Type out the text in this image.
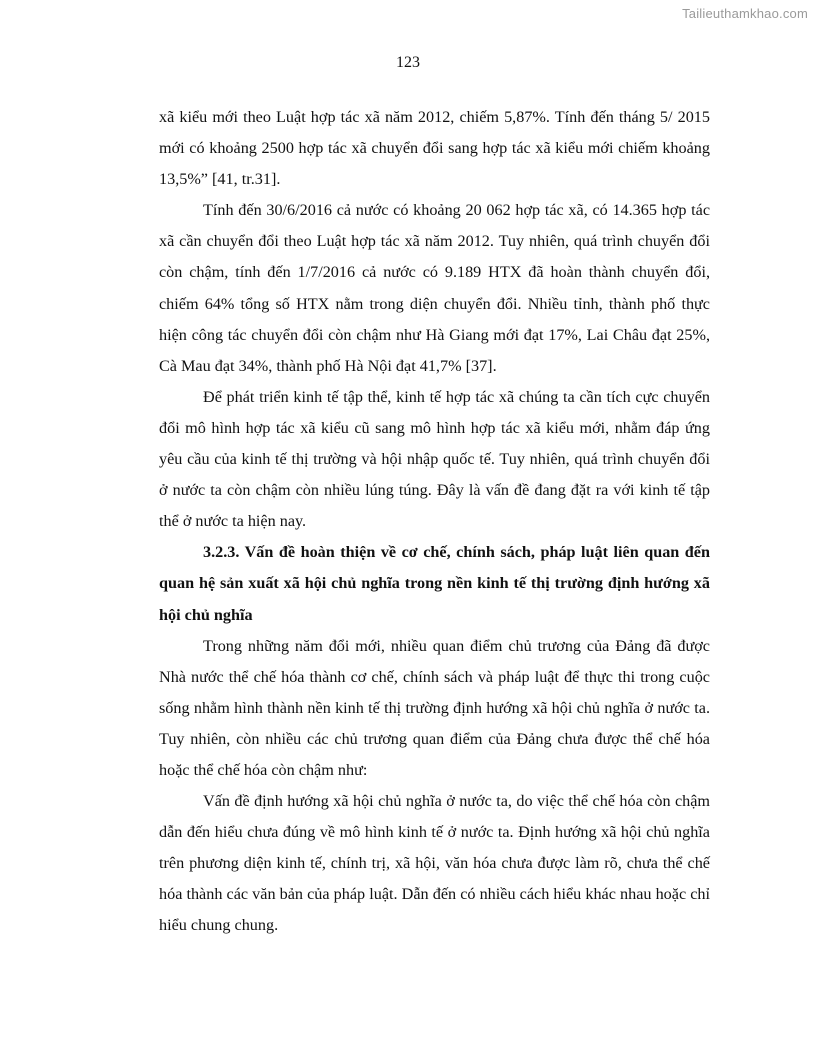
Tailieuthamkhao.com
123

xã kiểu mới theo Luật hợp tác xã năm 2012, chiếm 5,87%. Tính đến tháng 5/ 2015 mới có khoảng 2500 hợp tác xã chuyển đổi sang hợp tác xã kiểu mới chiếm khoảng 13,5%” [41, tr.31].

Tính đến 30/6/2016 cả nước có khoảng 20 062 hợp tác xã, có 14.365 hợp tác xã cần chuyển đổi theo Luật hợp tác xã năm 2012. Tuy nhiên, quá trình chuyển đổi còn chậm, tính đến 1/7/2016 cả nước có 9.189 HTX đã hoàn thành chuyển đổi, chiếm 64% tổng số HTX nằm trong diện chuyển đổi. Nhiều tỉnh, thành phố thực hiện công tác chuyển đổi còn chậm như Hà Giang mới đạt 17%, Lai Châu đạt 25%, Cà Mau đạt 34%, thành phố Hà Nội đạt 41,7% [37].

Để phát triển kinh tế tập thể, kinh tế hợp tác xã chúng ta cần tích cực chuyển đổi mô hình hợp tác xã kiểu cũ sang mô hình hợp tác xã kiểu mới, nhằm đáp ứng yêu cầu của kinh tế thị trường và hội nhập quốc tế. Tuy nhiên, quá trình chuyển đổi ở nước ta còn chậm còn nhiều lúng túng. Đây là vấn đề đang đặt ra với kinh tế tập thể ở nước ta hiện nay.

3.2.3. Vấn đề hoàn thiện về cơ chế, chính sách, pháp luật liên quan đến quan hệ sản xuất xã hội chủ nghĩa trong nền kinh tế thị trường định hướng xã hội chủ nghĩa

Trong những năm đổi mới, nhiều quan điểm chủ trương của Đảng đã được Nhà nước thể chế hóa thành cơ chế, chính sách và pháp luật để thực thi trong cuộc sống nhằm hình thành nền kinh tế thị trường định hướng xã hội chủ nghĩa ở nước ta. Tuy nhiên, còn nhiều các chủ trương quan điểm của Đảng chưa được thể chế hóa hoặc thể chế hóa còn chậm như:

Vấn đề định hướng xã hội chủ nghĩa ở nước ta, do việc thể chế hóa còn chậm dẫn đến hiểu chưa đúng về mô hình kinh tế ở nước ta. Định hướng xã hội chủ nghĩa trên phương diện kinh tế, chính trị, xã hội, văn hóa chưa được làm rõ, chưa thể chế hóa thành các văn bản của pháp luật. Dẫn đến có nhiều cách hiểu khác nhau hoặc chỉ hiểu chung chung.
